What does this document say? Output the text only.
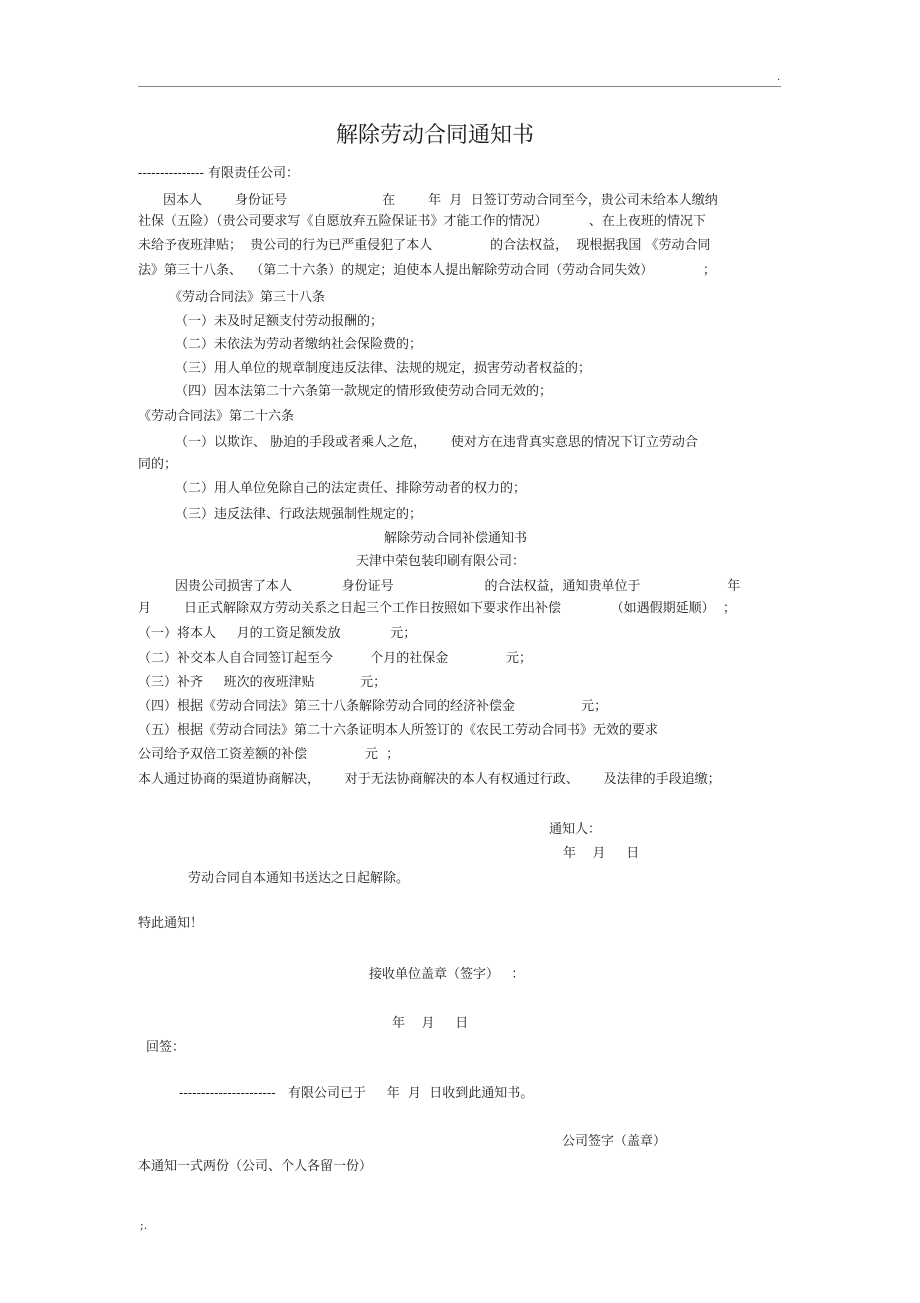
.
解除劳动合同通知书
--------------- 有限责任公司：
因本人        身份证号                       在        年  月  日签订劳动合同至今，贵公司未给本人缴纳
社保（五险）（贵公司要求写《自愿放弃五险保证书》才能工作的情况）          、在上夜班的情况下
未给予夜班津贴；  贵公司的行为已严重侵犯了本人              的合法权益，  现根据我国 《劳动合同
法》第三十八条、  （第二十六条）的规定；迫使本人提出解除劳动合同（劳动合同失效）            ；
《劳动合同法》第三十八条
（一）未及时足额支付劳动报酬的；
（二）未依法为劳动者缴纳社会保险费的；
（三）用人单位的规章制度违反法律、法规的规定，损害劳动者权益的；
（四）因本法第二十六条第一款规定的情形致使劳动合同无效的；
《劳动合同法》第二十六条
（一）以欺诈、 胁迫的手段或者乘人之危，      使对方在违背真实意思的情况下订立劳动合
同的；
（二）用人单位免除自己的法定责任、排除劳动者的权力的；
（三）违反法律、行政法规强制性规定的；
解除劳动合同补偿通知书
天津中荣包装印刷有限公司：
因贵公司损害了本人            身份证号                      的合法权益，通知贵单位于                     年
月        日正式解除双方劳动关系之日起三个工作日按照如下要求作出补偿            （如遇假期延顺）  ；
（一）将本人     月的工资足额发放            元；
（二）补交本人自合同签订起至今         个月的社保金              元；
（三）补齐     班次的夜班津贴           元；
（四）根据《劳动合同法》第三十八条解除劳动合同的经济补偿金                元；
（五）根据《劳动合同法》第二十六条证明本人所签订的《农民工劳动合同书》无效的要求
公司给予双倍工资差额的补偿              元  ；
本人通过协商的渠道协商解决，      对于无法协商解决的本人有权通过行政、      及法律的手段追缴；
通知人：
年    月     日
劳动合同自本通知书送达之日起解除。
特此通知！
接收单位盖章（签字）   ：
年    月     日
回签：
----------------------   有限公司已于     年  月  日收到此通知书。
公司签字（盖章）
本通知一式两份（公司、个人各留一份）
;.
